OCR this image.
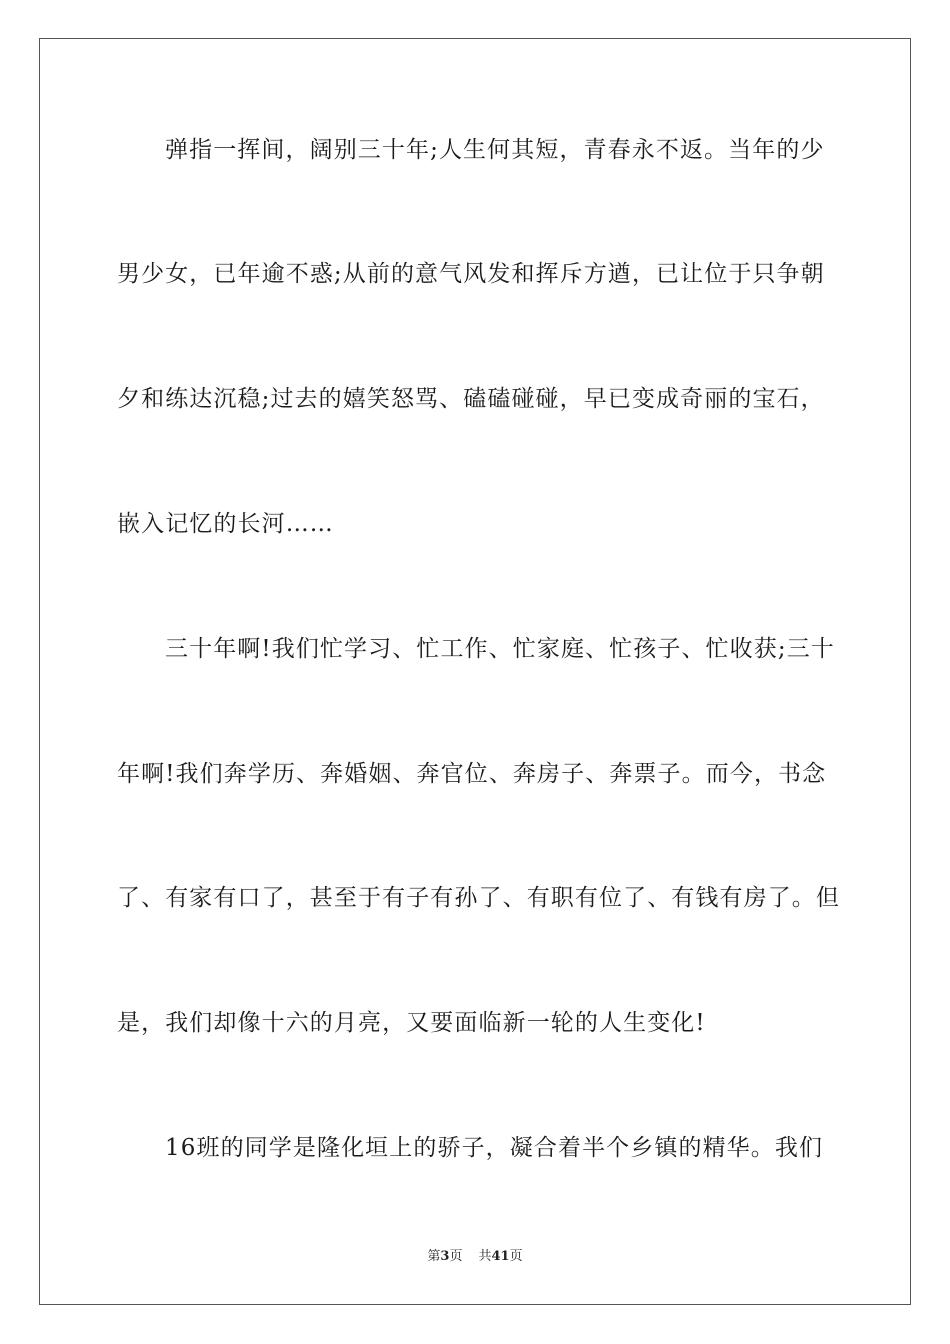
弹指一挥间，阔别三十年;人生何其短，青春永不返。当年的少
男少女，已年逾不惑;从前的意气风发和挥斥方遒，已让位于只争朝
夕和练达沉稳;过去的嬉笑怒骂、磕磕碰碰，早已变成奇丽的宝石，
嵌入记忆的长河……
三十年啊!我们忙学习、忙工作、忙家庭、忙孩子、忙收获;三十
年啊!我们奔学历、奔婚姻、奔官位、奔房子、奔票子。而今，书念
了、有家有口了，甚至于有子有孙了、有职有位了、有钱有房了。但
是，我们却像十六的月亮，又要面临新一轮的人生变化!
16班的同学是隆化垣上的骄子，凝合着半个乡镇的精华。我们
第3页 共41页
